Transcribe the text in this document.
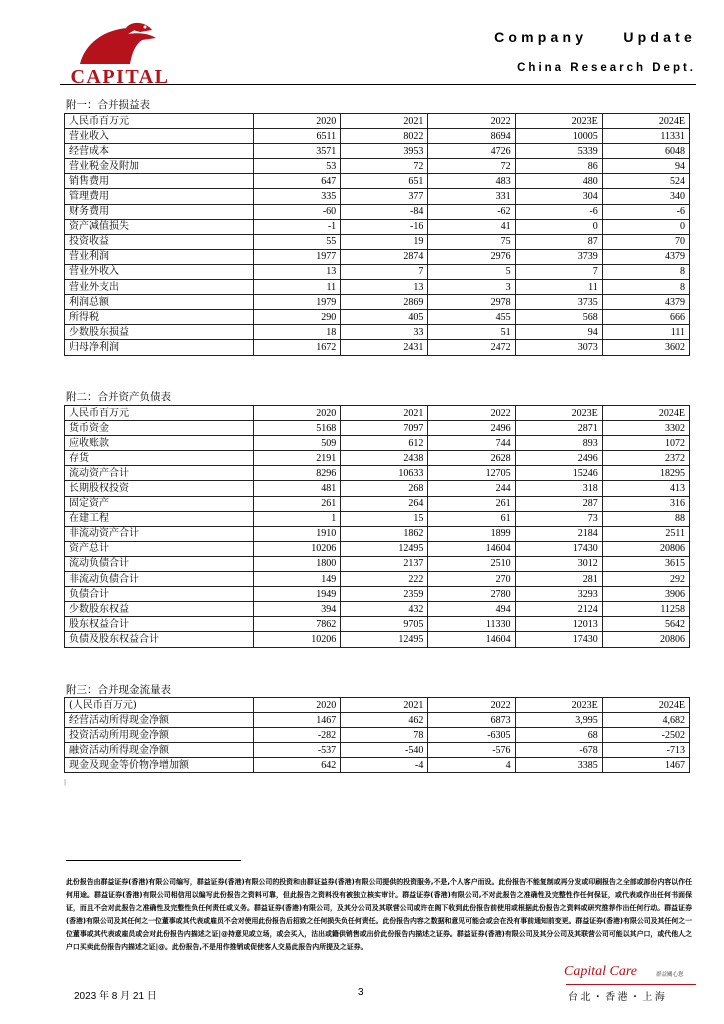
CAPITAL
Company Update
China Research Dept.
附一：合并损益表
人民币百万元	2020	2021	2022	2023E	2024E
营业收入	6511	8022	8694	10005	11331
经营成本	3571	3953	4726	5339	6048
营业税金及附加	53	72	72	86	94
销售费用	647	651	483	480	524
管理费用	335	377	331	304	340
财务费用	-60	-84	-62	-6	-6
资产减值损失	-1	-16	41	0	0
投资收益	55	19	75	87	70
营业利润	1977	2874	2976	3739	4379
营业外收入	13	7	5	7	8
营业外支出	11	13	3	11	8
利润总额	1979	2869	2978	3735	4379
所得税	290	405	455	568	666
少数股东损益	18	33	51	94	111
归母净利润	1672	2431	2472	3073	3602
附二：合并资产负债表
人民币百万元	2020	2021	2022	2023E	2024E
货币资金	5168	7097	2496	2871	3302
应收账款	509	612	744	893	1072
存货	2191	2438	2628	2496	2372
流动资产合计	8296	10633	12705	15246	18295
长期股权投资	481	268	244	318	413
固定资产	261	264	261	287	316
在建工程	1	15	61	73	88
非流动资产合计	1910	1862	1899	2184	2511
资产总计	10206	12495	14604	17430	20806
流动负债合计	1800	2137	2510	3012	3615
非流动负债合计	149	222	270	281	292
负债合计	1949	2359	2780	3293	3906
少数股东权益	394	432	494	2124	11258
股东权益合计	7862	9705	11330	12013	5642
负债及股东权益合计	10206	12495	14604	17430	20806
附三：合并现金流量表
(人民币百万元)	2020	2021	2022	2023E	2024E
经营活动所得现金净额	1467	462	6873	3,995	4,682
投资活动所用现金净额	-282	78	-6305	68	-2502
融资活动所得现金净额	-537	-540	-576	-678	-713
现金及现金等价物净增加额	642	-4	4	3385	1467
|
此份报告由群益证券(香港)有限公司编写，群益证券(香港)有限公司的投资和由群证益券(香港)有限公司提供的投资服务,不是,个人客户而设。此份报告不能复制或再分发或印刷报告之全部或部份内容以作任何用途。群益证券(香港)有限公司相信用以编写此份报告之资料可靠，但此报告之资料没有被独立核实审计。群益证券(香港)有限公司,不对此报告之准确性及完整性作任何保证，或代表或作出任何书面保证，而且不会对此报告之准确性及完整性负任何责任或义务。群益证券(香港)有限公司，及其分公司及其联营公司或许在阁下收到此份报告前使用或根据此份报告之资料或研究推荐作出任何行动。群益证券(香港)有限公司及其任何之一位董事或其代表或雇员不会对使用此份报告后招致之任何损失负任何责任。此份报告内容之数据和意见可能会或会在没有事前通知前变更。群益证券(香港)有限公司及其任何之一位董事或其代表或雇员或会对此份报告内描述之证|@持意见或立场，或会买入，沽出或籍供销售或出价此份报告内描述之证券。群益证券(香港)有限公司及其分公司及其联营公司可能以其户口，或代他人之户口买卖此份报告内描述之证|@。此份报告,不是用作推销或促使客人交易此报告内所提及之证券。
Capital Care	群益關心您
台北・香港・上海
2023 年 8 月 21 日	3
